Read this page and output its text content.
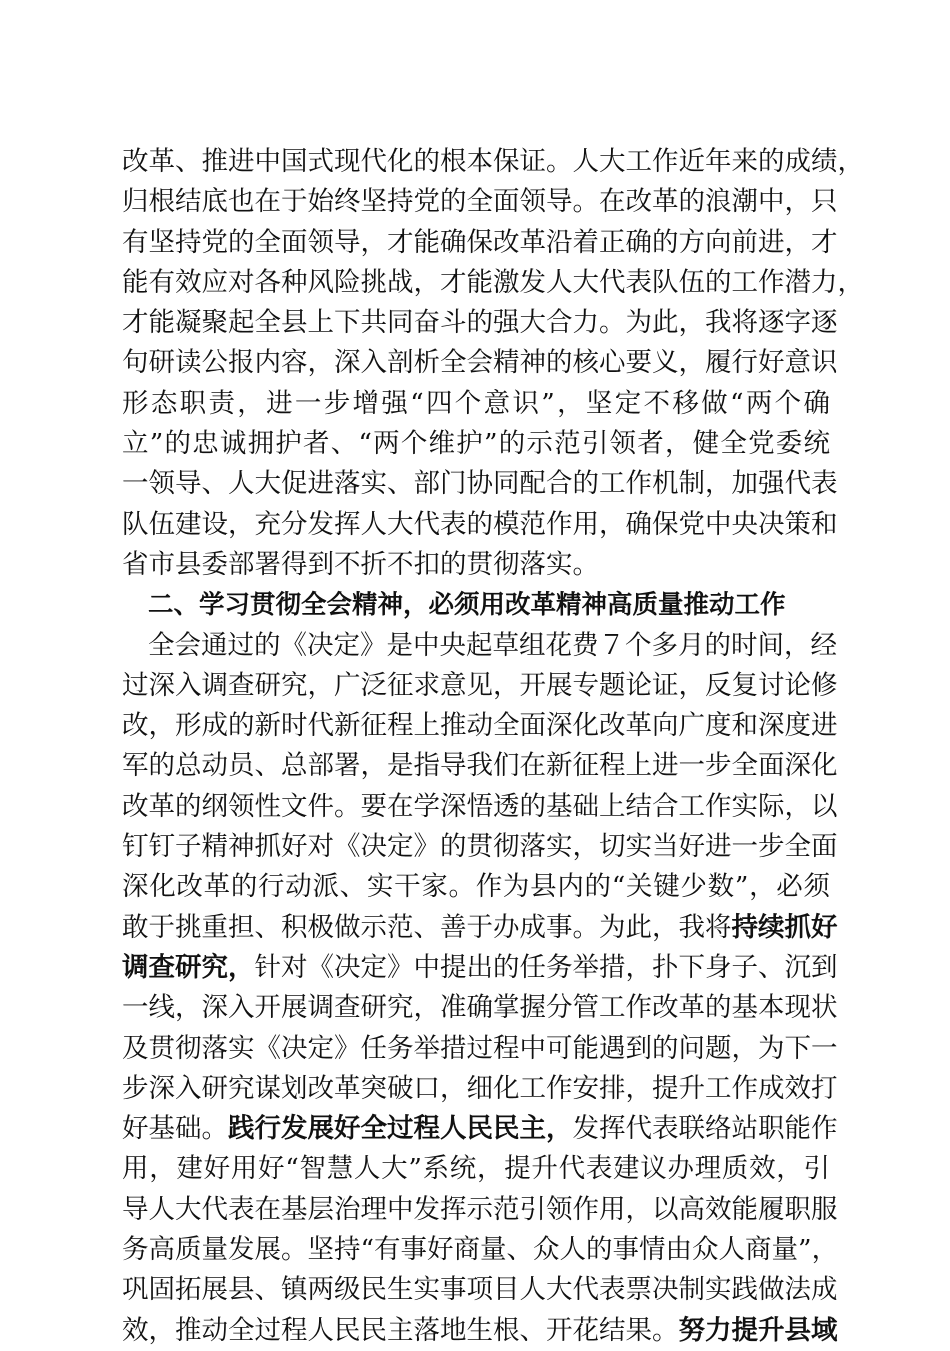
改革、推进中国式现代化的根本保证。人大工作近年来的成绩，
归根结底也在于始终坚持党的全面领导。在改革的浪潮中，只
有坚持党的全面领导，才能确保改革沿着正确的方向前进，才
能有效应对各种风险挑战，才能激发人大代表队伍的工作潜力，
才能凝聚起全县上下共同奋斗的强大合力。为此，我将逐字逐
句研读公报内容，深入剖析全会精神的核心要义，履行好意识
形态职责，进一步增强“四个意识”，坚定不移做“两个确
立”的忠诚拥护者、“两个维护”的示范引领者，健全党委统
一领导、人大促进落实、部门协同配合的工作机制，加强代表
队伍建设，充分发挥人大代表的模范作用，确保党中央决策和
省市县委部署得到不折不扣的贯彻落实。
二、学习贯彻全会精神，必须用改革精神高质量推动工作
全会通过的《决定》是中央起草组花费７个多月的时间，经
过深入调查研究，广泛征求意见，开展专题论证，反复讨论修
改，形成的新时代新征程上推动全面深化改革向广度和深度进
军的总动员、总部署，是指导我们在新征程上进一步全面深化
改革的纲领性文件。要在学深悟透的基础上结合工作实际，以
钉钉子精神抓好对《决定》的贯彻落实，切实当好进一步全面
深化改革的行动派、实干家。作为县内的“关键少数”，必须
敢于挑重担、积极做示范、善于办成事。为此，我将持续抓好
调查研究，针对《决定》中提出的任务举措，扑下身子、沉到
一线，深入开展调查研究，准确掌握分管工作改革的基本现状
及贯彻落实《决定》任务举措过程中可能遇到的问题，为下一
步深入研究谋划改革突破口，细化工作安排，提升工作成效打
好基础。践行发展好全过程人民民主，发挥代表联络站职能作
用，建好用好“智慧人大”系统，提升代表建议办理质效，引
导人大代表在基层治理中发挥示范引领作用，以高效能履职服
务高质量发展。坚持“有事好商量、众人的事情由众人商量”，
巩固拓展县、镇两级民生实事项目人大代表票决制实践做法成
效，推动全过程人民民主落地生根、开花结果。努力提升县域
